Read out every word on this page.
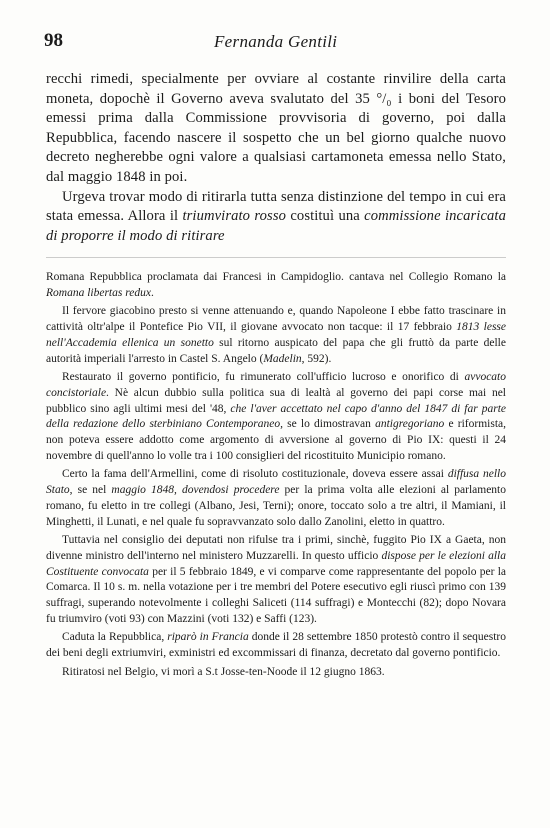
98	Fernanda Gentili

recchi rimedi, specialmente per ovviare al costante rinvilire della carta moneta, dopochè il Governo aveva svalutato del 35 °/₀ i boni del Tesoro emessi prima dalla Commissione provvisoria di governo, poi dalla Repubblica, facendo nascere il sospetto che un bel giorno qualche nuovo decreto negherebbe ogni valore a qualsiasi cartamoneta emessa nello Stato, dal maggio 1848 in poi.

Urgeva trovar modo di ritirarla tutta senza distinzione del tempo in cui era stata emessa. Allora il triumvirato rosso costituì una commissione incaricata di proporre il modo di ritirare

Romana Repubblica proclamata dai Francesi in Campidoglio. cantava nel Collegio Romano la Romana libertas redux.

Il fervore giacobino presto si venne attenuando e, quando Napoleone I ebbe fatto trascinare in cattività oltr'alpe il Pontefice Pio VII, il giovane avvocato non tacque: il 17 febbraio 1813 lesse nell'Accademia ellenica un sonetto sul ritorno auspicato del papa che gli fruttò da parte delle autorità imperiali l'arresto in Castel S. Angelo (Madelin, 592).

Restaurato il governo pontificio, fu rimunerato coll'ufficio lucroso e onorifico di avvocato concistoriale. Nè alcun dubbio sulla politica sua di lealtà al governo dei papi corse mai nel pubblico sino agli ultimi mesi del '48, che l'aver accettato nel capo d'anno del 1847 di far parte della redazione dello sterbiniano Contemporaneo, se lo dimostravan antigregoriano e riformista, non poteva essere addotto come argomento di avversione al governo di Pio IX: questi il 24 novembre di quell'anno lo volle tra i 100 consiglieri del ricostituito Municipio romano.

Certo la fama dell'Armellini, come di risoluto costituzionale, doveva essere assai diffusa nello Stato, se nel maggio 1848, dovendosi procedere per la prima volta alle elezioni al parlamento romano, fu eletto in tre collegi (Albano, Jesi, Terni); onore, toccato solo a tre altri, il Mamiani, il Minghetti, il Lunati, e nel quale fu sopravvanzato solo dallo Zanolini, eletto in quattro.

Tuttavia nel consiglio dei deputati non rifulse tra i primi, sinchè, fuggito Pio IX a Gaeta, non divenne ministro dell'interno nel ministero Muzzarelli. In questo ufficio dispose per le elezioni alla Costituente convocata per il 5 febbraio 1849, e vi comparve come rappresentante del popolo per la Comarca. Il 10 s. m. nella votazione per i tre membri del Potere esecutivo egli riuscì primo con 139 suffragi, superando notevolmente i colleghi Saliceti (114 suffragi) e Montecchi (82); dopo Novara fu triumviro (voti 93) con Mazzini (voti 132) e Saffi (123).

Caduta la Repubblica, riparò in Francia donde il 28 settembre 1850 protestò contro il sequestro dei beni degli extriumviri, exministri ed excommissari di finanza, decretato dal governo pontificio.

Ritiratosi nel Belgio, vi morì a S.t Josse-ten-Noode il 12 giugno 1863.
